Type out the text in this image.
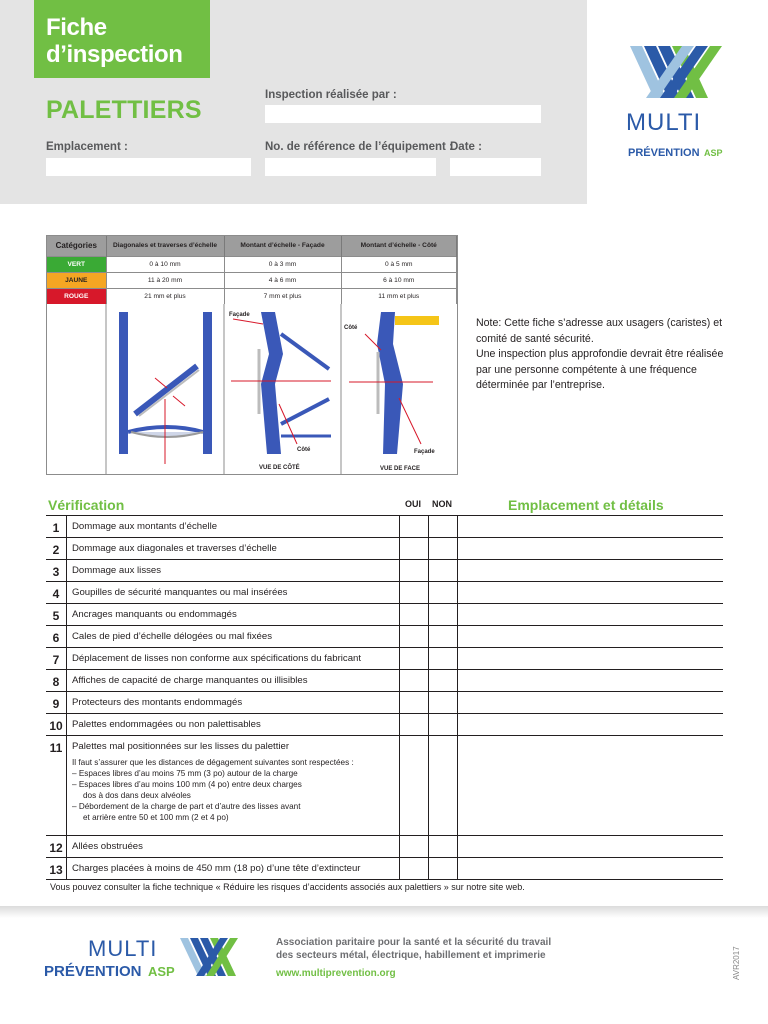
Fiche
d’inspection
PALETTIERS
Inspection réalisée par :
Emplacement :	No. de référence de l’équipement :
Date :
MULTI
PRÉVENTION ASP
Catégories	Diagonales et traverses d’échelle	Montant d’échelle - Façade	Montant d’échelle - Côté
VERT	0 à 10 mm	0 à 3 mm	0 à 5 mm
JAUNE	11 à 20 mm	4 à 6 mm	6 à 10 mm
ROUGE	21 mm et plus	7 mm et plus	11 mm et plus
Façade
Côté
Côté
Façade
VUE DE CÔTÉ	VUE DE FACE
Note: Cette fiche s’adresse aux usagers (caristes) et
comité de santé sécurité.
Une inspection plus approfondie devrait être réalisée
par une personne compétente à une fréquence
déterminée par l’entreprise.
Vérification	OUI NON	Emplacement et détails
1	Dommage aux montants d’échelle
2	Dommage aux diagonales et traverses d’échelle
3	Dommage aux lisses
4	Goupilles de sécurité manquantes ou mal insérées
5	Ancrages manquants ou endommagés
6	Cales de pied d’échelle délogées ou mal fixées
7	Déplacement de lisses non conforme aux spécifications du fabricant
8	Affiches de capacité de charge manquantes ou illisibles
9	Protecteurs des montants endommagés
10 Palettes endommagées ou non palettisables
11	Palettes mal positionnées sur les lisses du palettier
Il faut s’assurer que les distances de dégagement suivantes sont respectées :
– Espaces libres d’au moins 75 mm (3 po) autour de la charge
– Espaces libres d’au moins 100 mm (4 po) entre deux charges
dos à dos dans deux alvéoles
– Débordement de la charge de part et d’autre des lisses avant
et arrière entre 50 et 100 mm (2 et 4 po)
12 Allées obstruées
13 Charges placées à moins de 450 mm (18 po) d’une tête d’extincteur
Vous pouvez consulter la fiche technique « Réduire les risques d’accidents associés aux palettiers » sur notre site web.
MULTI
PRÉVENTION ASP
Association paritaire pour la santé et la sécurité du travail
des secteurs métal, électrique, habillement et imprimerie
www.multiprevention.org	AVR2017
